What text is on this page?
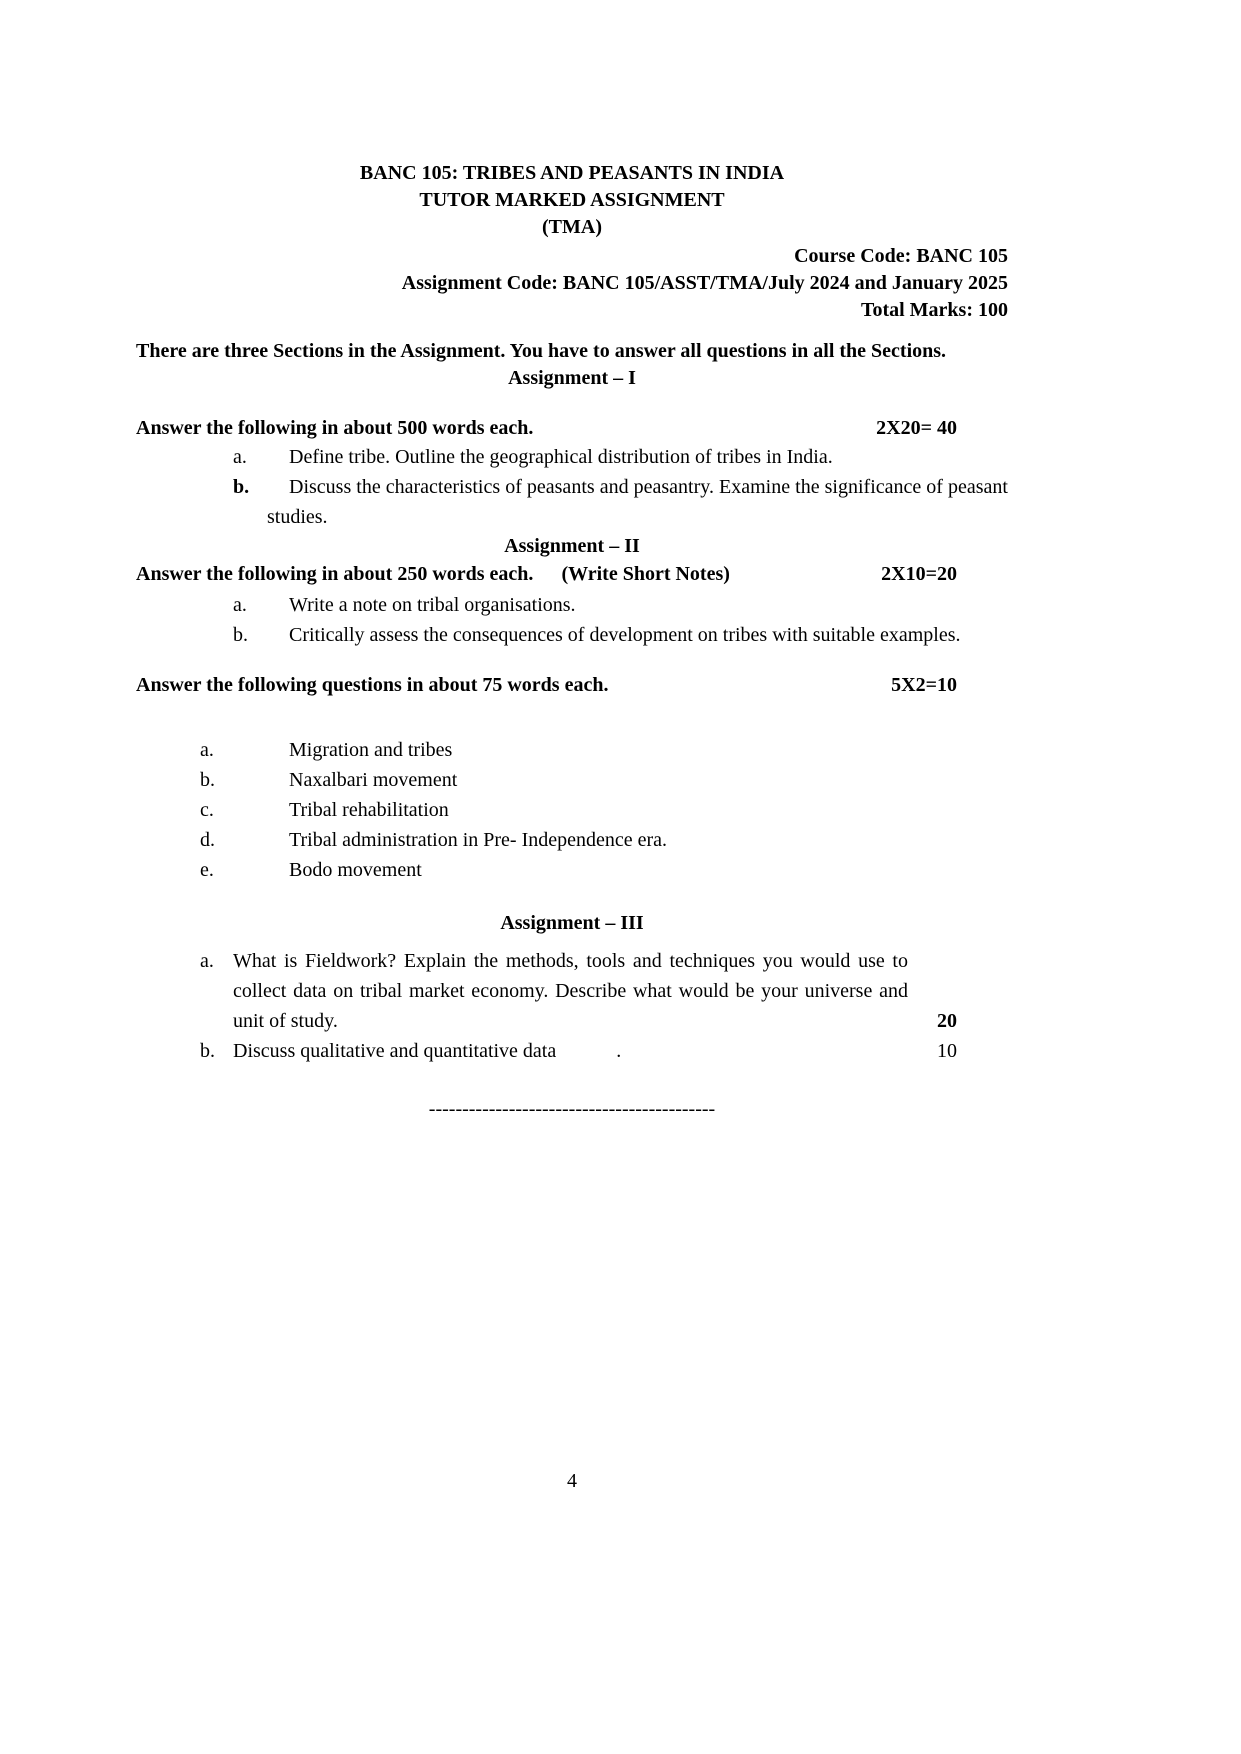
BANC 105: TRIBES AND PEASANTS IN INDIA
TUTOR MARKED ASSIGNMENT
(TMA)
Course Code: BANC 105
Assignment Code: BANC 105/ASST/TMA/July 2024 and January 2025
Total Marks: 100
There are three Sections in the Assignment. You have to answer all questions in all the Sections.
Assignment – I
Answer the following in about 500 words each.	2X20= 40
a. Define tribe. Outline the geographical distribution of tribes in India.
b. Discuss the characteristics of peasants and peasantry. Examine the significance of peasant studies.
Assignment – II
Answer the following in about 250 words each. (Write Short Notes)	2X10=20
a. Write a note on tribal organisations.
b. Critically assess the consequences of development on tribes with suitable examples.
Answer the following questions in about 75 words each.	5X2=10
a.	Migration and tribes
b.	Naxalbari movement
c.	Tribal rehabilitation
d.	Tribal administration in Pre- Independence era.
e.	Bodo movement
Assignment – III
a. What is Fieldwork? Explain the methods, tools and techniques you would use to collect data on tribal market economy. Describe what would be your universe and unit of study.	20
b. Discuss qualitative and quantitative data            .	10
-------------------------------------------
4
